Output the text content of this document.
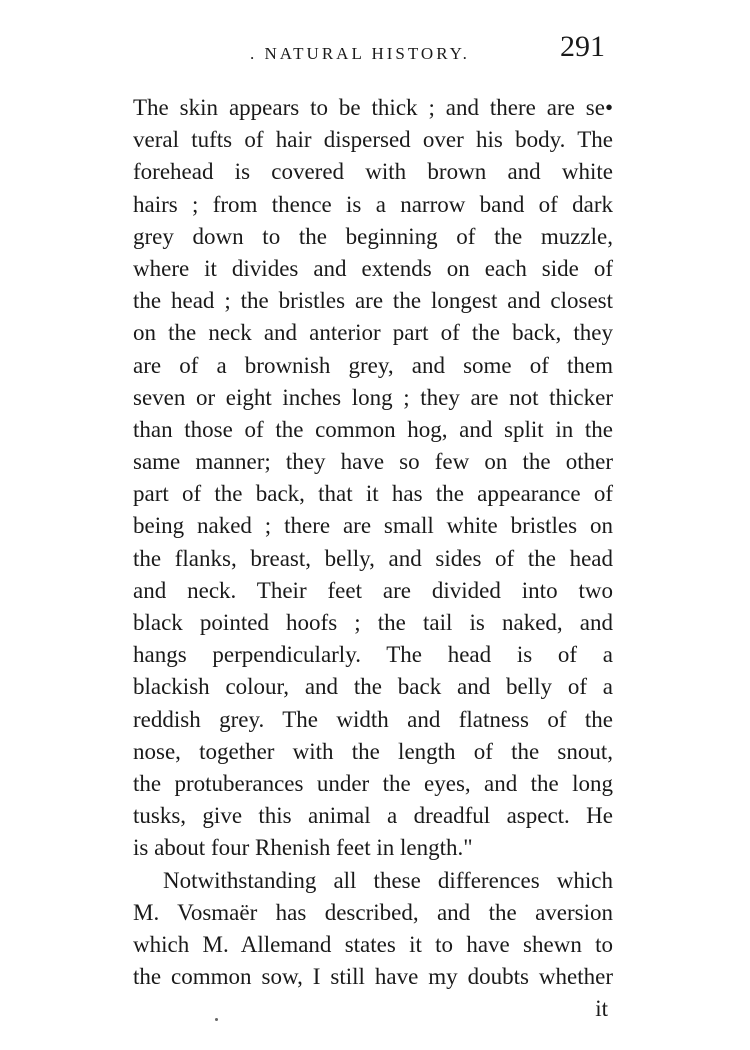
. NATURAL HISTORY.	291
The skin appears to be thick ; and there are se•
veral tufts of hair dispersed over his body. The
forehead is covered with brown and white
hairs ; from thence is a narrow band of dark
grey down to the beginning of the muzzle,
where it divides and extends on each side of
the head ; the bristles are the longest and closest
on the neck and anterior part of the back, they
are of a brownish grey, and some of them
seven or eight inches long ; they are not thicker
than those of the common hog, and split in the
same manner; they have so few on the other
part of the back, that it has the appearance of
being naked ; there are small white bristles on
the flanks, breast, belly, and sides of the head
and neck. Their feet are divided into two
black pointed hoofs ; the tail is naked, and
hangs perpendicularly. The head is of a
blackish colour, and the back and belly of a
reddish grey. The width and flatness of the
nose, together with the length of the snout,
the protuberances under the eyes, and the long
tusks, give this animal a dreadful aspect. He
is about four Rhenish feet in length."
Notwithstanding all these differences which
M. Vosmaër has described, and the aversion
which M. Allemand states it to have shewn to
the common sow, I still have my doubts whether
it
